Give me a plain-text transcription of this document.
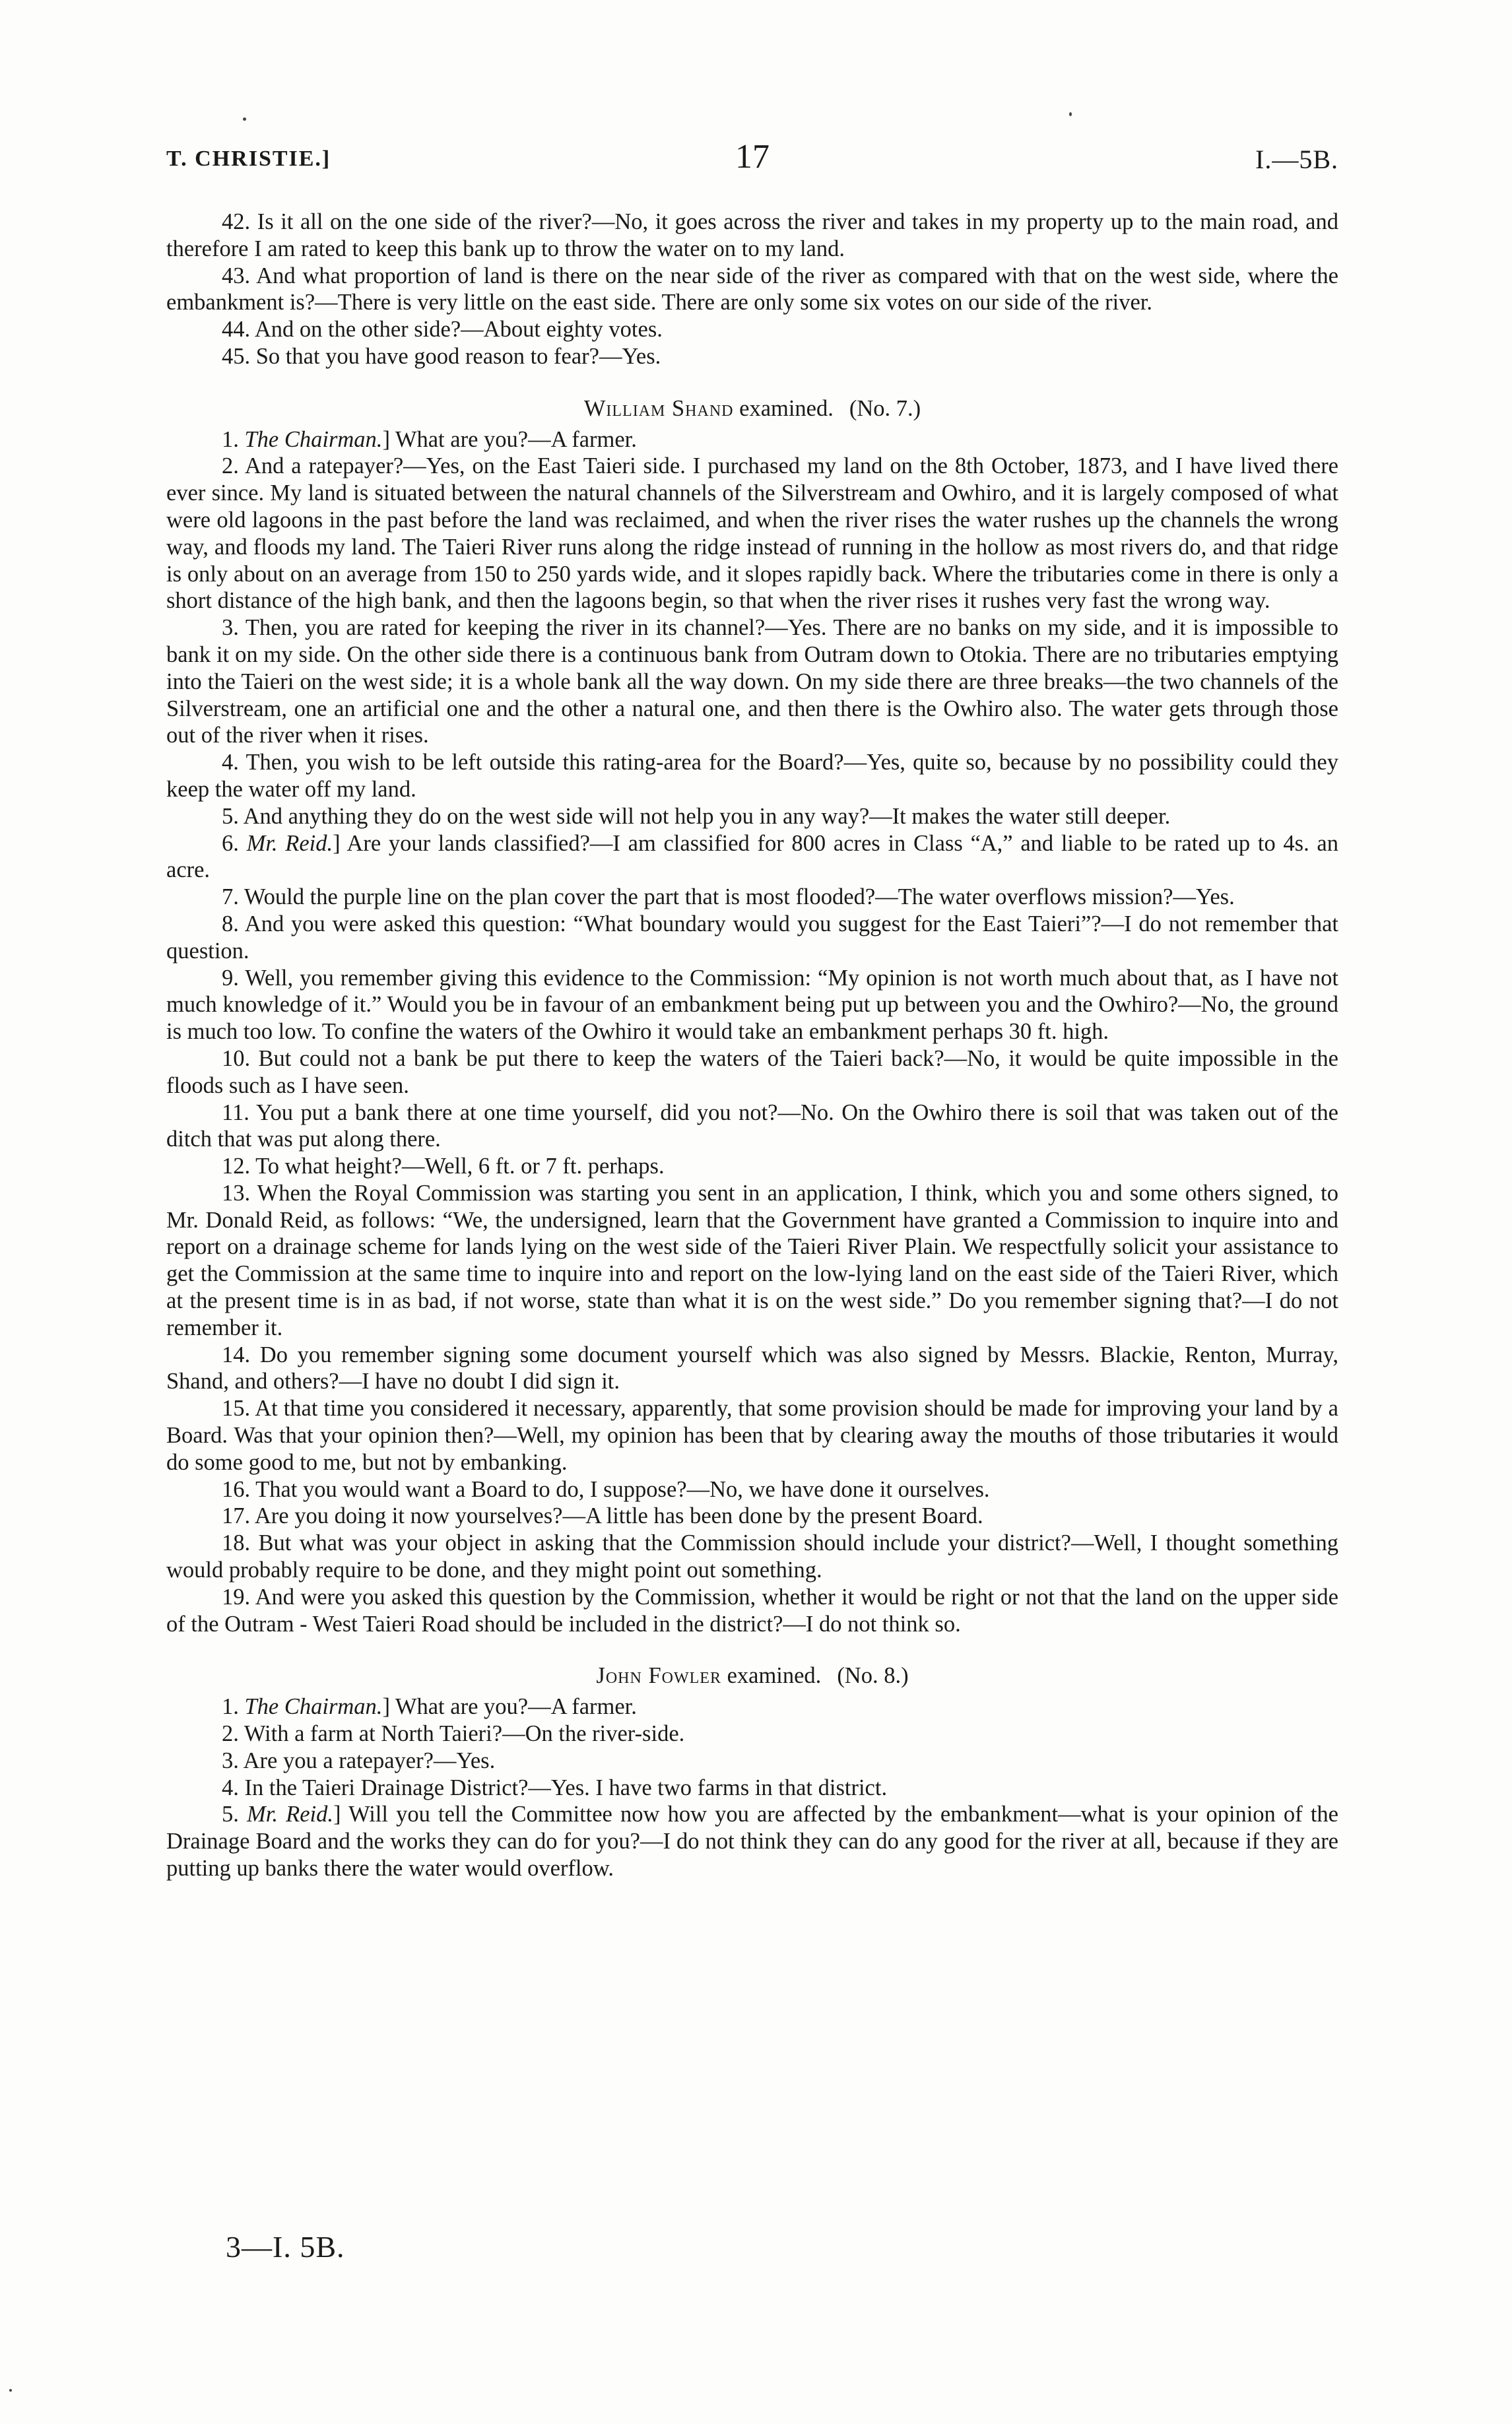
T. CHRISTIE.]	17	I.—5B.

42. Is it all on the one side of the river?—No, it goes across the river and takes in my property up to the main road, and therefore I am rated to keep this bank up to throw the water on to my land.

43. And what proportion of land is there on the near side of the river as compared with that on the west side, where the embankment is?—There is very little on the east side. There are only some six votes on our side of the river.

44. And on the other side?—About eighty votes.

45. So that you have good reason to fear?—Yes.

William Shand examined. (No. 7.)

1. The Chairman.] What are you?—A farmer.

2. And a ratepayer?—Yes, on the East Taieri side. I purchased my land on the 8th October, 1873, and I have lived there ever since. My land is situated between the natural channels of the Silverstream and Owhiro, and it is largely composed of what were old lagoons in the past before the land was reclaimed, and when the river rises the water rushes up the channels the wrong way, and floods my land. The Taieri River runs along the ridge instead of running in the hollow as most rivers do, and that ridge is only about on an average from 150 to 250 yards wide, and it slopes rapidly back. Where the tributaries come in there is only a short distance of the high bank, and then the lagoons begin, so that when the river rises it rushes very fast the wrong way.

3. Then, you are rated for keeping the river in its channel?—Yes. There are no banks on my side, and it is impossible to bank it on my side. On the other side there is a continuous bank from Outram down to Otokia. There are no tributaries emptying into the Taieri on the west side; it is a whole bank all the way down. On my side there are three breaks—the two channels of the Silverstream, one an artificial one and the other a natural one, and then there is the Owhiro also. The water gets through those out of the river when it rises.

4. Then, you wish to be left outside this rating-area for the Board?—Yes, quite so, because by no possibility could they keep the water off my land.

5. And anything they do on the west side will not help you in any way?—It makes the water still deeper.

6. Mr. Reid.] Are your lands classified?—I am classified for 800 acres in Class “A,” and liable to be rated up to 4s. an acre.

7. Would the purple line on the plan cover the part that is most flooded?—The water overflows mission?—Yes.

8. And you were asked this question: “What boundary would you suggest for the East Taieri”?—I do not remember that question.

9. Well, you remember giving this evidence to the Commission: “My opinion is not worth much about that, as I have not much knowledge of it.” Would you be in favour of an embankment being put up between you and the Owhiro?—No, the ground is much too low. To confine the waters of the Owhiro it would take an embankment perhaps 30 ft. high.

10. But could not a bank be put there to keep the waters of the Taieri back?—No, it would be quite impossible in the floods such as I have seen.

11. You put a bank there at one time yourself, did you not?—No. On the Owhiro there is soil that was taken out of the ditch that was put along there.

12. To what height?—Well, 6 ft. or 7 ft. perhaps.

13. When the Royal Commission was starting you sent in an application, I think, which you and some others signed, to Mr. Donald Reid, as follows: “We, the undersigned, learn that the Government have granted a Commission to inquire into and report on a drainage scheme for lands lying on the west side of the Taieri River Plain. We respectfully solicit your assistance to get the Commission at the same time to inquire into and report on the low-lying land on the east side of the Taieri River, which at the present time is in as bad, if not worse, state than what it is on the west side.” Do you remember signing that?—I do not remember it.

14. Do you remember signing some document yourself which was also signed by Messrs. Blackie, Renton, Murray, Shand, and others?—I have no doubt I did sign it.

15. At that time you considered it necessary, apparently, that some provision should be made for improving your land by a Board. Was that your opinion then?—Well, my opinion has been that by clearing away the mouths of those tributaries it would do some good to me, but not by embanking.

16. That you would want a Board to do, I suppose?—No, we have done it ourselves.

17. Are you doing it now yourselves?—A little has been done by the present Board.

18. But what was your object in asking that the Commission should include your district?—Well, I thought something would probably require to be done, and they might point out something.

19. And were you asked this question by the Commission, whether it would be right or not that the land on the upper side of the Outram - West Taieri Road should be included in the district?—I do not think so.

John Fowler examined. (No. 8.)

1. The Chairman.] What are you?—A farmer.

2. With a farm at North Taieri?—On the river-side.

3. Are you a ratepayer?—Yes.

4. In the Taieri Drainage District?—Yes. I have two farms in that district.

5. Mr. Reid.] Will you tell the Committee now how you are affected by the embankment—what is your opinion of the Drainage Board and the works they can do for you?—I do not think they can do any good for the river at all, because if they are putting up banks there the water would overflow.

3—I. 5B.
